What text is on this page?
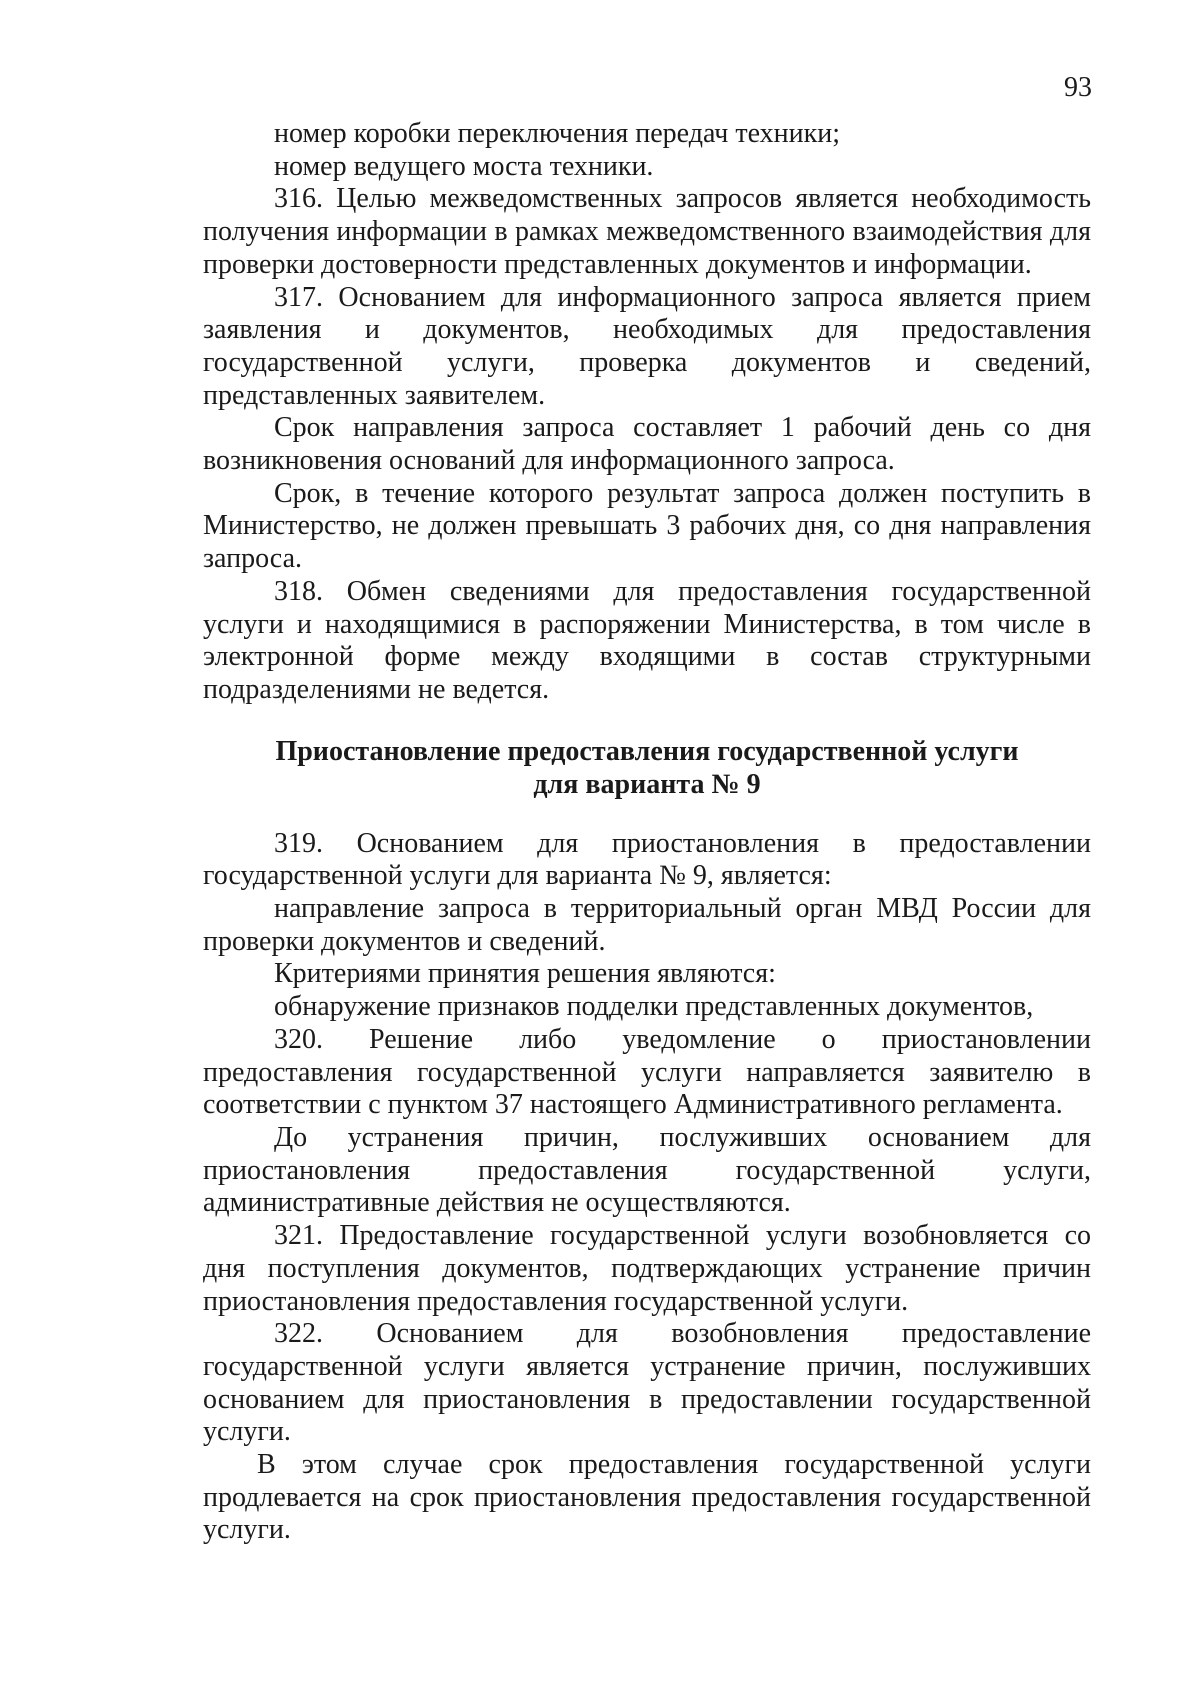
93

номер коробки переключения передач техники;

номер ведущего моста техники.

316. Целью межведомственных запросов является необходимость получения информации в рамках межведомственного взаимодействия для проверки достоверности представленных документов и информации.

317. Основанием для информационного запроса является прием заявления и документов, необходимых для предоставления государственной услуги, проверка документов и сведений, представленных заявителем.

Срок направления запроса составляет 1 рабочий день со дня возникновения оснований для информационного запроса.

Срок, в течение которого результат запроса должен поступить в Министерство, не должен превышать 3 рабочих дня, со дня направления запроса.

318. Обмен сведениями для предоставления государственной услуги и находящимися в распоряжении Министерства, в том числе в электронной форме между входящими в состав структурными подразделениями не ведется.

Приостановление предоставления государственной услуги
для варианта № 9

319. Основанием для приостановления в предоставлении государственной услуги для варианта № 9, является:

направление запроса в территориальный орган МВД России для проверки документов и сведений.

Критериями принятия решения являются:

обнаружение признаков подделки представленных документов,

320. Решение либо уведомление о приостановлении предоставления государственной услуги направляется заявителю в соответствии с пунктом 37 настоящего Административного регламента.

До устранения причин, послуживших основанием для приостановления предоставления государственной услуги, административные действия не осуществляются.

321. Предоставление государственной услуги возобновляется со дня поступления документов, подтверждающих устранение причин приостановления предоставления государственной услуги.

322. Основанием для возобновления предоставление государственной услуги является устранение причин, послуживших основанием для приостановления в предоставлении государственной услуги.

В этом случае срок предоставления государственной услуги продлевается на срок приостановления предоставления государственной услуги.
